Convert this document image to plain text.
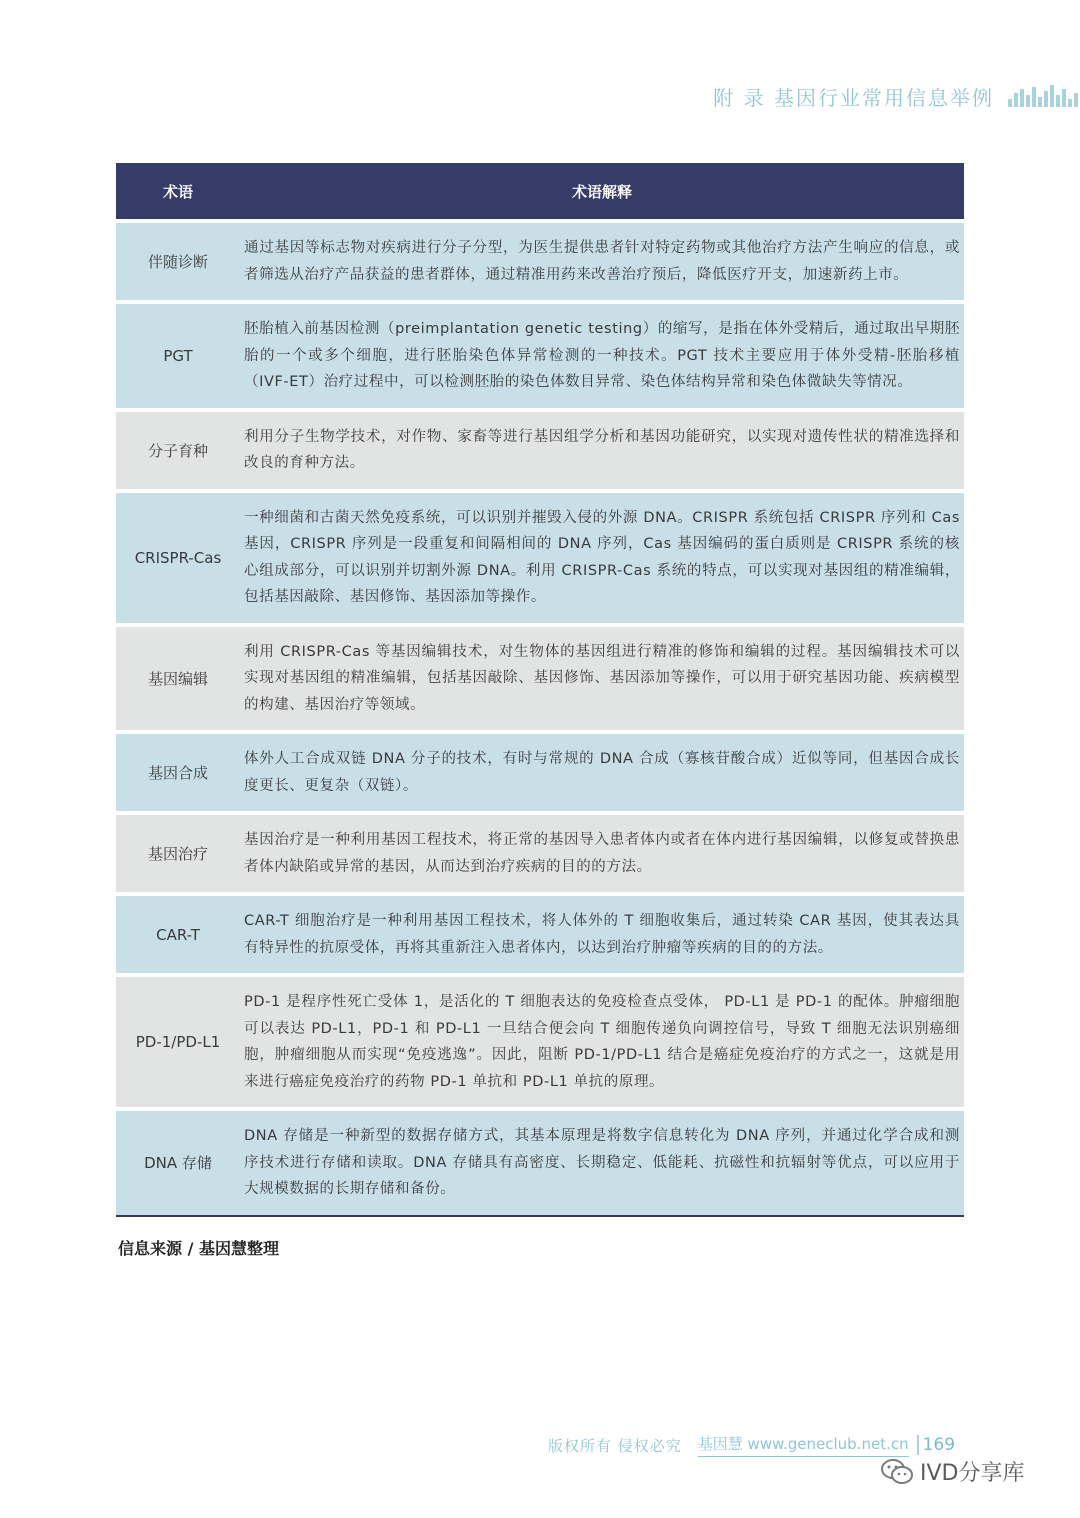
附 录 基因行业常用信息举例
术语	术语解释
伴随诊断
通过基因等标志物对疾病进行分子分型，为医生提供患者针对特定药物或其他治疗方法产生响应的信息，或者筛选从治疗产品获益的患者群体，通过精准用药来改善治疗预后，降低医疗开支，加速新药上市。
PGT
胚胎植入前基因检测（preimplantation genetic testing）的缩写，是指在体外受精后，通过取出早期胚胎的一个或多个细胞，进行胚胎染色体异常检测的一种技术。PGT 技术主要应用于体外受精-胚胎移植（IVF-ET）治疗过程中，可以检测胚胎的染色体数目异常、染色体结构异常和染色体微缺失等情况。
分子育种
利用分子生物学技术，对作物、家畜等进行基因组学分析和基因功能研究，以实现对遗传性状的精准选择和改良的育种方法。
CRISPR-Cas
一种细菌和古菌天然免疫系统，可以识别并摧毁入侵的外源 DNA。CRISPR 系统包括 CRISPR 序列和 Cas 基因，CRISPR 序列是一段重复和间隔相间的 DNA 序列，Cas 基因编码的蛋白质则是 CRISPR 系统的核心组成部分，可以识别并切割外源 DNA。利用 CRISPR-Cas 系统的特点，可以实现对基因组的精准编辑，包括基因敲除、基因修饰、基因添加等操作。
基因编辑
利用 CRISPR-Cas 等基因编辑技术，对生物体的基因组进行精准的修饰和编辑的过程。基因编辑技术可以实现对基因组的精准编辑，包括基因敲除、基因修饰、基因添加等操作，可以用于研究基因功能、疾病模型的构建、基因治疗等领域。
基因合成
体外人工合成双链 DNA 分子的技术，有时与常规的 DNA 合成（寡核苷酸合成）近似等同，但基因合成长度更长、更复杂（双链）。
基因治疗
基因治疗是一种利用基因工程技术，将正常的基因导入患者体内或者在体内进行基因编辑，以修复或替换患者体内缺陷或异常的基因，从而达到治疗疾病的目的的方法。
CAR-T
CAR-T 细胞治疗是一种利用基因工程技术，将人体外的 T 细胞收集后，通过转染 CAR 基因，使其表达具有特异性的抗原受体，再将其重新注入患者体内，以达到治疗肿瘤等疾病的目的的方法。
PD-1/PD-L1
PD-1 是程序性死亡受体 1，是活化的 T 细胞表达的免疫检查点受体， PD-L1 是 PD-1 的配体。肿瘤细胞可以表达 PD-L1，PD-1 和 PD-L1 一旦结合便会向 T 细胞传递负向调控信号，导致 T 细胞无法识别癌细胞，肿瘤细胞从而实现“免疫逃逸”。因此，阻断 PD-1/PD-L1 结合是癌症免疫治疗的方式之一，这就是用来进行癌症免疫治疗的药物 PD-1 单抗和 PD-L1 单抗的原理。
DNA 存储
DNA 存储是一种新型的数据存储方式，其基本原理是将数字信息转化为 DNA 序列，并通过化学合成和测序技术进行存储和读取。DNA 存储具有高密度、长期稳定、低能耗、抗磁性和抗辐射等优点，可以应用于大规模数据的长期存储和备份。
信息来源 / 基因慧整理
版权所有 侵权必究 基因慧 www.geneclub.net.cn 169
IVD分享库
